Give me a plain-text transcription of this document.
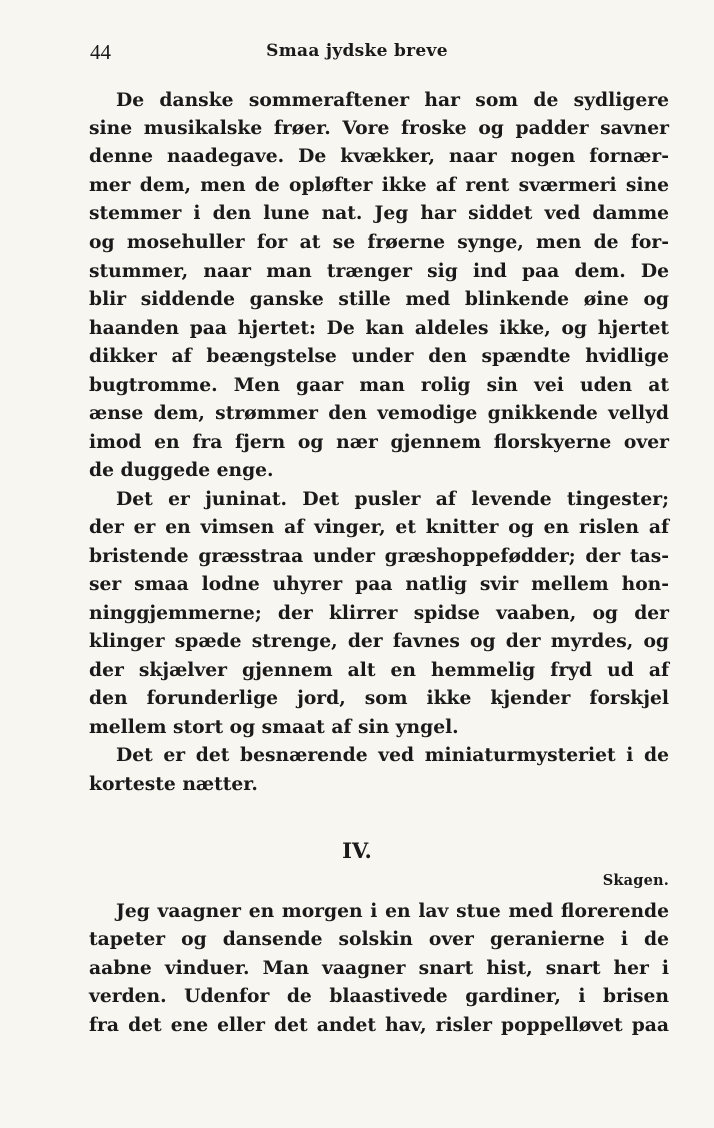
44	Smaa jydske breve
De danske sommeraftener har som de sydligere
sine musikalske frøer. Vore froske og padder savner
denne naadegave. De kvækker, naar nogen fornær-
mer dem, men de opløfter ikke af rent sværmeri sine
stemmer i den lune nat. Jeg har siddet ved damme
og mosehuller for at se frøerne synge, men de for-
stummer, naar man trænger sig ind paa dem. De
blir siddende ganske stille med blinkende øine og
haanden paa hjertet: De kan aldeles ikke, og hjertet
dikker af beængstelse under den spændte hvidlige
bugtromme. Men gaar man rolig sin vei uden at
ænse dem, strømmer den vemodige gnikkende vellyd
imod en fra fjern og nær gjennem florskyerne over
de duggede enge.
Det er juninat. Det pusler af levende tingester;
der er en vimsen af vinger, et knitter og en rislen af
bristende græsstraa under græshoppefødder; der tas-
ser smaa lodne uhyrer paa natlig svir mellem hon-
ninggjemmerne; der klirrer spidse vaaben, og der
klinger spæde strenge, der favnes og der myrdes, og
der skjælver gjennem alt en hemmelig fryd ud af
den forunderlige jord, som ikke kjender forskjel
mellem stort og smaat af sin yngel.
Det er det besnærende ved miniaturmysteriet i de
korteste nætter.
IV.
Skagen.
Jeg vaagner en morgen i en lav stue med florerende
tapeter og dansende solskin over geranierne i de
aabne vinduer. Man vaagner snart hist, snart her i
verden. Udenfor de blaastivede gardiner, i brisen
fra det ene eller det andet hav, risler poppelløvet paa
